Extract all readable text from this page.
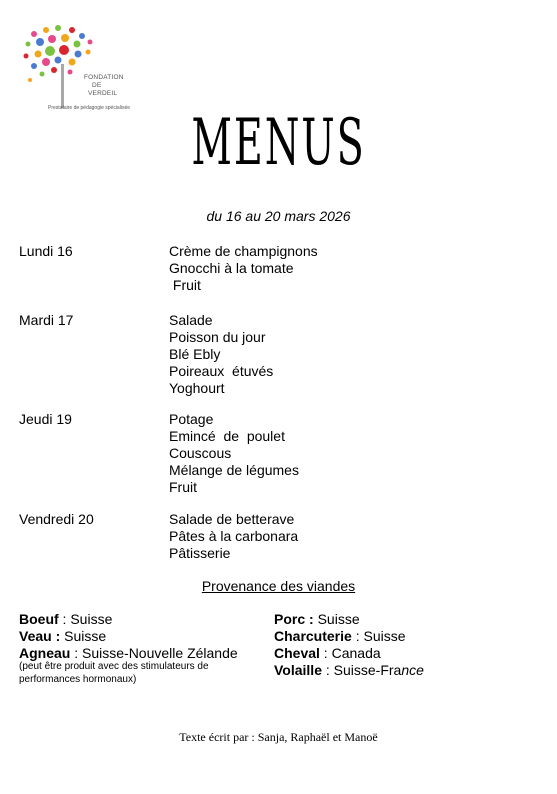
FONDATION
DE
VERDEIL
Prestataire de pédagogie spécialisée MENUS
du 16 au 20 mars 2026
Lundi 16	Crème de champignons
Gnocchi à la tomate
Fruit
Mardi 17	Salade
Poisson du jour
Blé Ebly
Poireaux  étuvés
Yoghourt
Jeudi 19	Potage
Emincé  de  poulet
Couscous
Mélange de légumes
Fruit
Vendredi 20	Salade de betterave
Pâtes à la carbonara
Pâtisserie
Provenance des viandes
Boeuf : Suisse
Veau : Suisse
Agneau : Suisse-Nouvelle Zélande
(peut être produit avec des stimulateurs de performances hormonaux)
Porc : Suisse
Charcuterie : Suisse
Cheval : Canada
Volaille : Suisse-France
Texte écrit par : Sanja, Raphaël et Manoë
